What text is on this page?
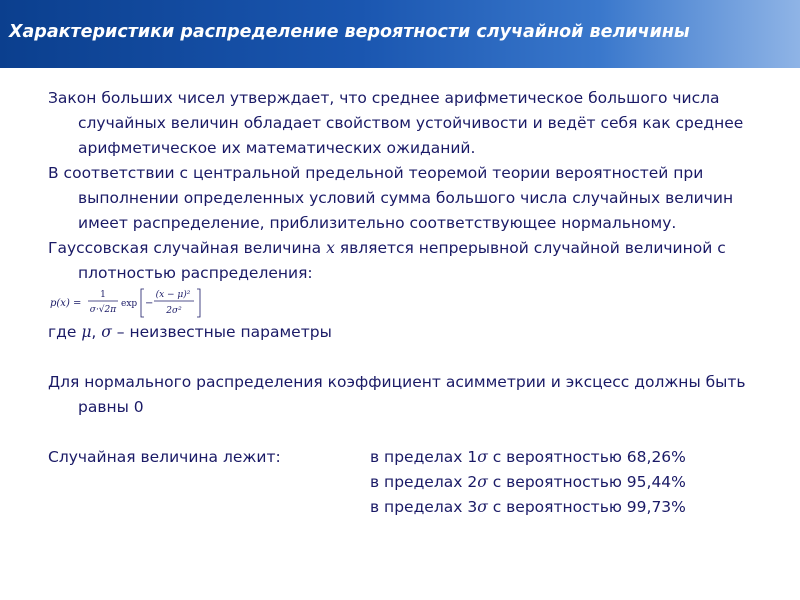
Характеристики распределение вероятности случайной величины

Закон больших чисел утверждает, что среднее арифметическое большого числа случайных величин обладает свойством устойчивости и ведёт себя как среднее арифметическое их математических ожиданий.

В соответствии с центральной предельной теоремой теории вероятностей при выполнении определенных условий сумма большого числа случайных величин имеет распределение, приблизительно соответствующее нормальному.

Гауссовская случайная величина x является непрерывной случайной величиной с плотностью распределения:

p(x) =
1
σ·√2π
exp −
(x − μ)²
2σ²

где μ, σ – неизвестные параметры

Для нормального распределения коэффициент асимметрии и эксцесс должны быть равны 0

Случайная величина лежит:	в пределах 1σ с вероятностью 68,26%
в пределах 2σ с вероятностью 95,44%
в пределах 3σ с вероятностью 99,73%
